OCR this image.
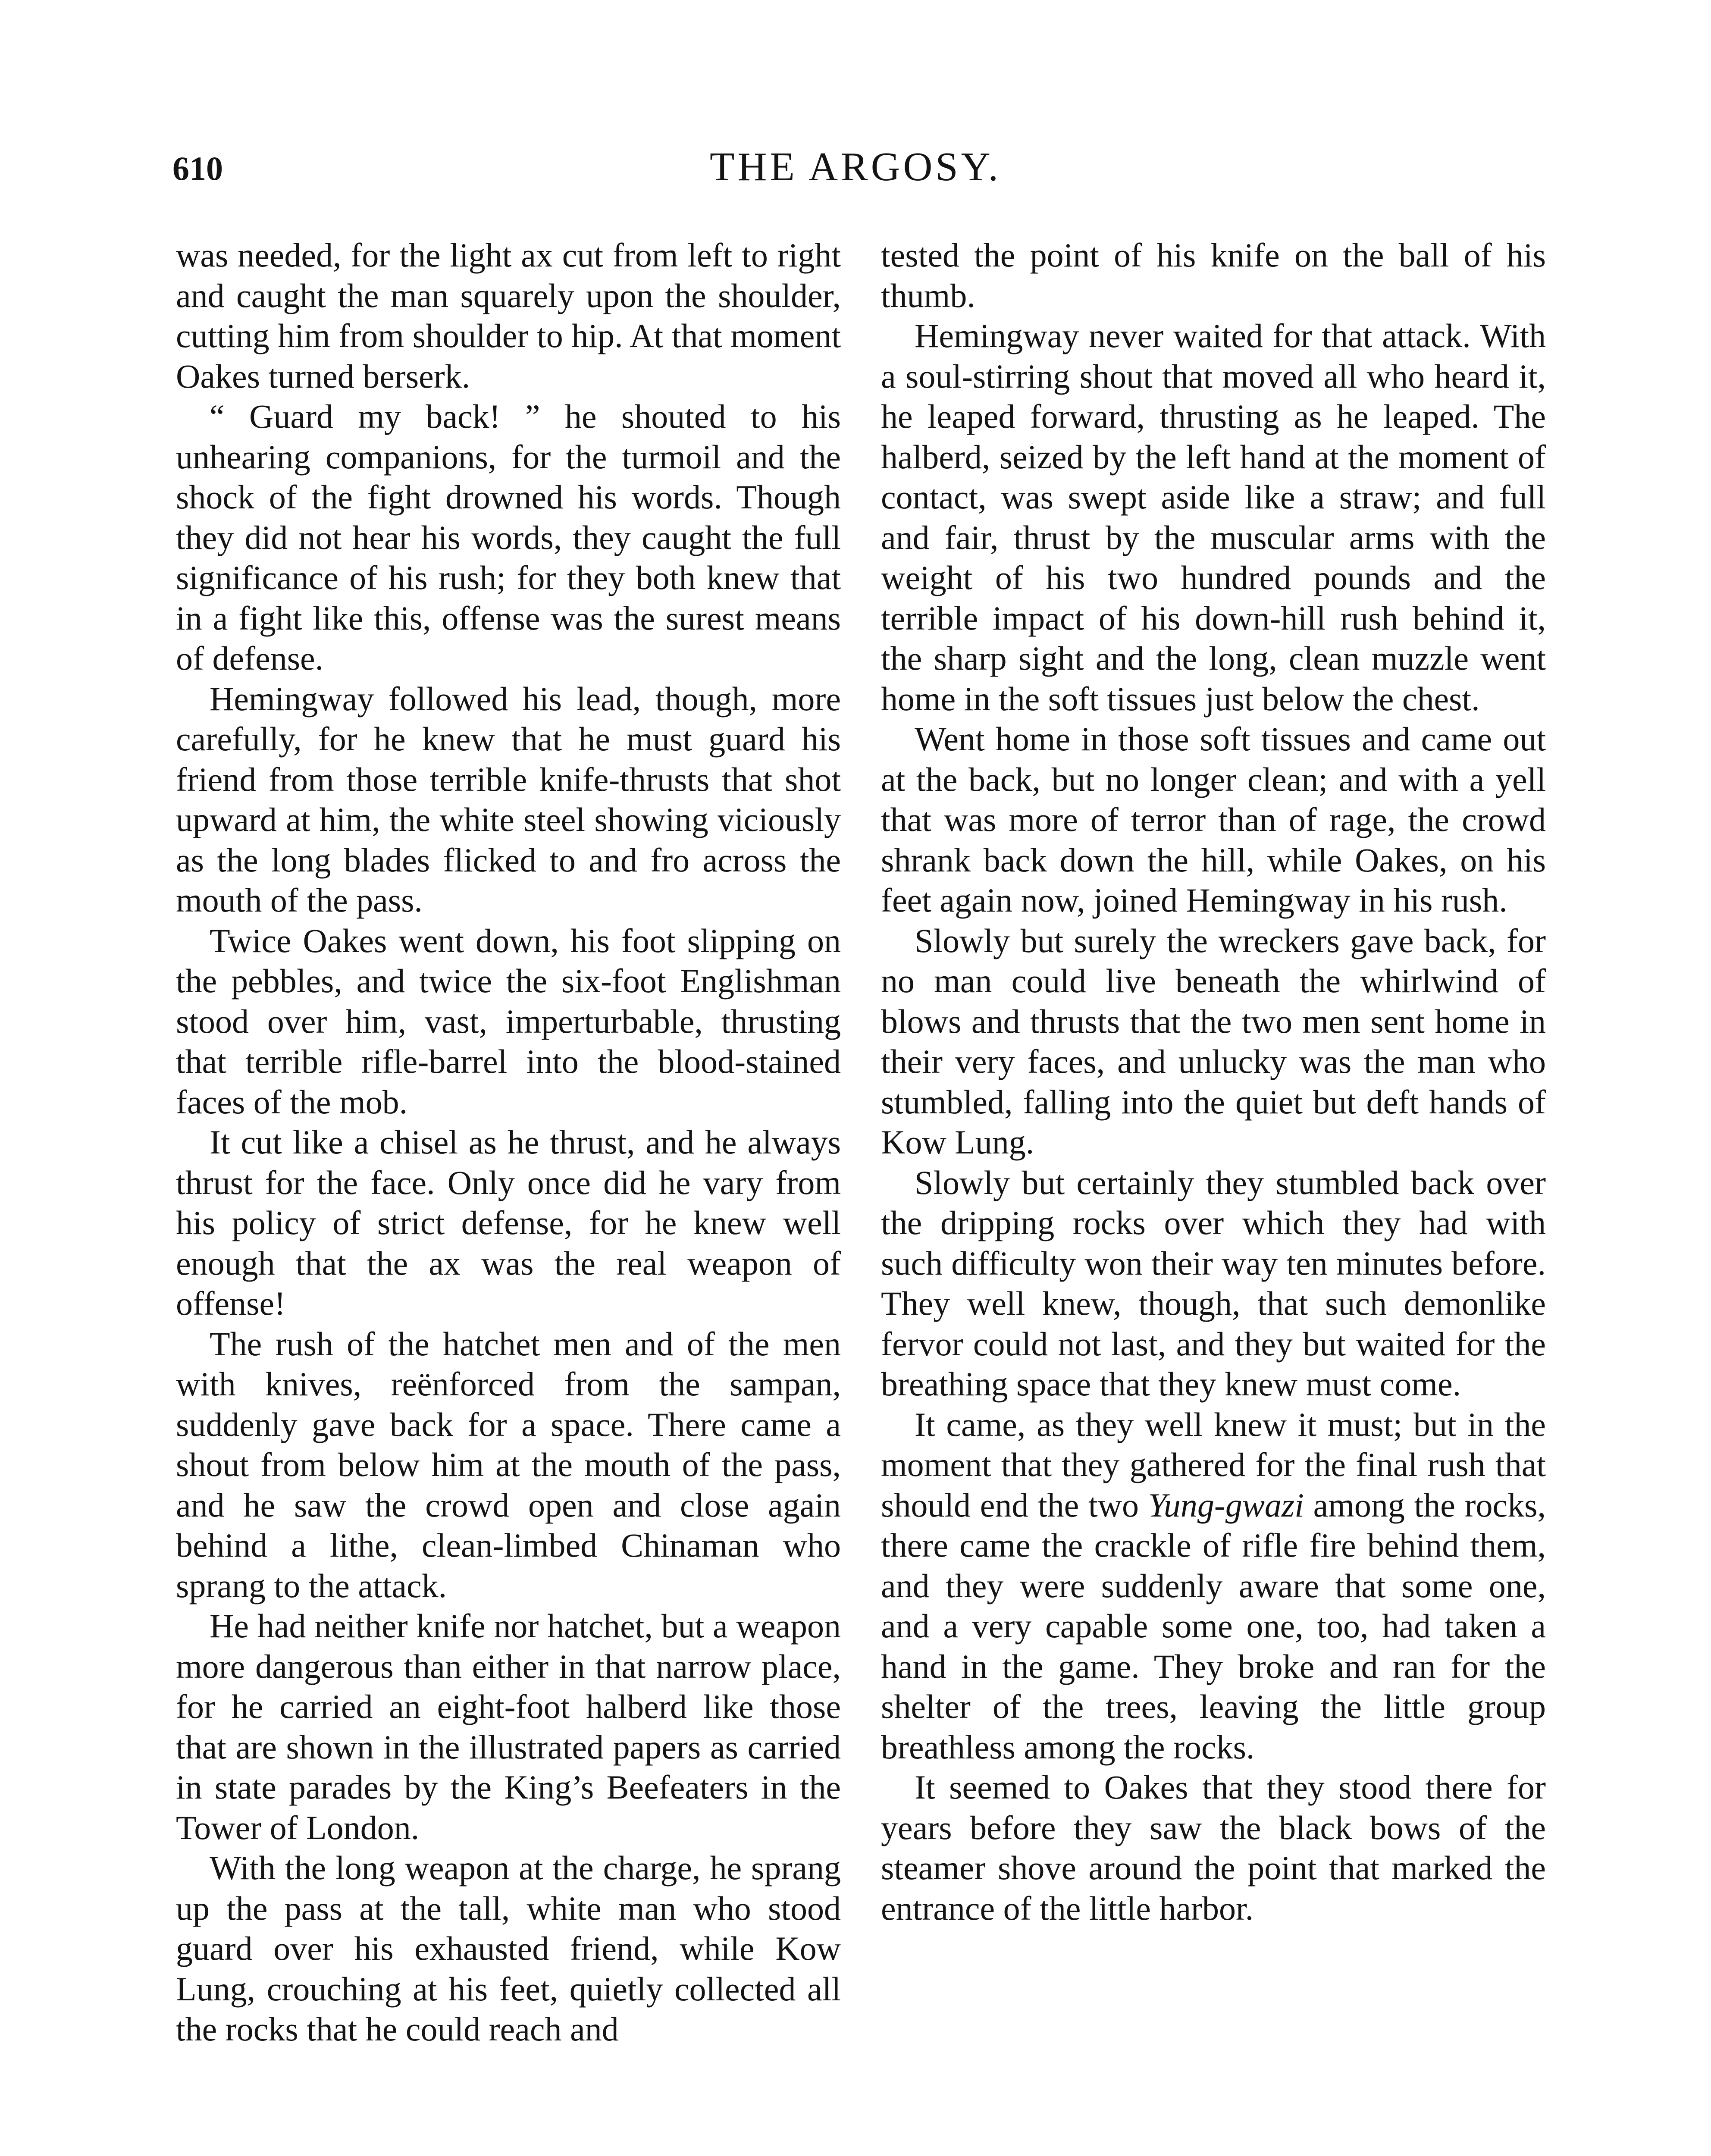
610	THE ARGOSY.

was needed, for the light ax cut from left to right and caught the man squarely upon the shoulder, cutting him from shoulder to hip. At that moment Oakes turned berserk.

“ Guard my back! ” he shouted to his unhearing companions, for the turmoil and the shock of the fight drowned his words. Though they did not hear his words, they caught the full significance of his rush; for they both knew that in a fight like this, offense was the surest means of defense.

Hemingway followed his lead, though, more carefully, for he knew that he must guard his friend from those terrible knife-thrusts that shot upward at him, the white steel showing viciously as the long blades flicked to and fro across the mouth of the pass.

Twice Oakes went down, his foot slipping on the pebbles, and twice the six-foot Englishman stood over him, vast, imperturbable, thrusting that terrible rifle-barrel into the blood-stained faces of the mob.

It cut like a chisel as he thrust, and he always thrust for the face. Only once did he vary from his policy of strict defense, for he knew well enough that the ax was the real weapon of offense!

The rush of the hatchet men and of the men with knives, reënforced from the sampan, suddenly gave back for a space. There came a shout from below him at the mouth of the pass, and he saw the crowd open and close again behind a lithe, clean-limbed Chinaman who sprang to the attack.

He had neither knife nor hatchet, but a weapon more dangerous than either in that narrow place, for he carried an eight-foot halberd like those that are shown in the illustrated papers as carried in state parades by the King’s Beefeaters in the Tower of London.

With the long weapon at the charge, he sprang up the pass at the tall, white man who stood guard over his exhausted friend, while Kow Lung, crouching at his feet, quietly collected all the rocks that he could reach and

tested the point of his knife on the ball of his thumb.

Hemingway never waited for that attack. With a soul-stirring shout that moved all who heard it, he leaped forward, thrusting as he leaped. The halberd, seized by the left hand at the moment of contact, was swept aside like a straw; and full and fair, thrust by the muscular arms with the weight of his two hundred pounds and the terrible impact of his down-hill rush behind it, the sharp sight and the long, clean muzzle went home in the soft tissues just below the chest.

Went home in those soft tissues and came out at the back, but no longer clean; and with a yell that was more of terror than of rage, the crowd shrank back down the hill, while Oakes, on his feet again now, joined Hemingway in his rush.

Slowly but surely the wreckers gave back, for no man could live beneath the whirlwind of blows and thrusts that the two men sent home in their very faces, and unlucky was the man who stumbled, falling into the quiet but deft hands of Kow Lung.

Slowly but certainly they stumbled back over the dripping rocks over which they had with such difficulty won their way ten minutes before. They well knew, though, that such demonlike fervor could not last, and they but waited for the breathing space that they knew must come.

It came, as they well knew it must; but in the moment that they gathered for the final rush that should end the two Yung-gwazi among the rocks, there came the crackle of rifle fire behind them, and they were suddenly aware that some one, and a very capable some one, too, had taken a hand in the game. They broke and ran for the shelter of the trees, leaving the little group breathless among the rocks.

It seemed to Oakes that they stood there for years before they saw the black bows of the steamer shove around the point that marked the entrance of the little harbor.
